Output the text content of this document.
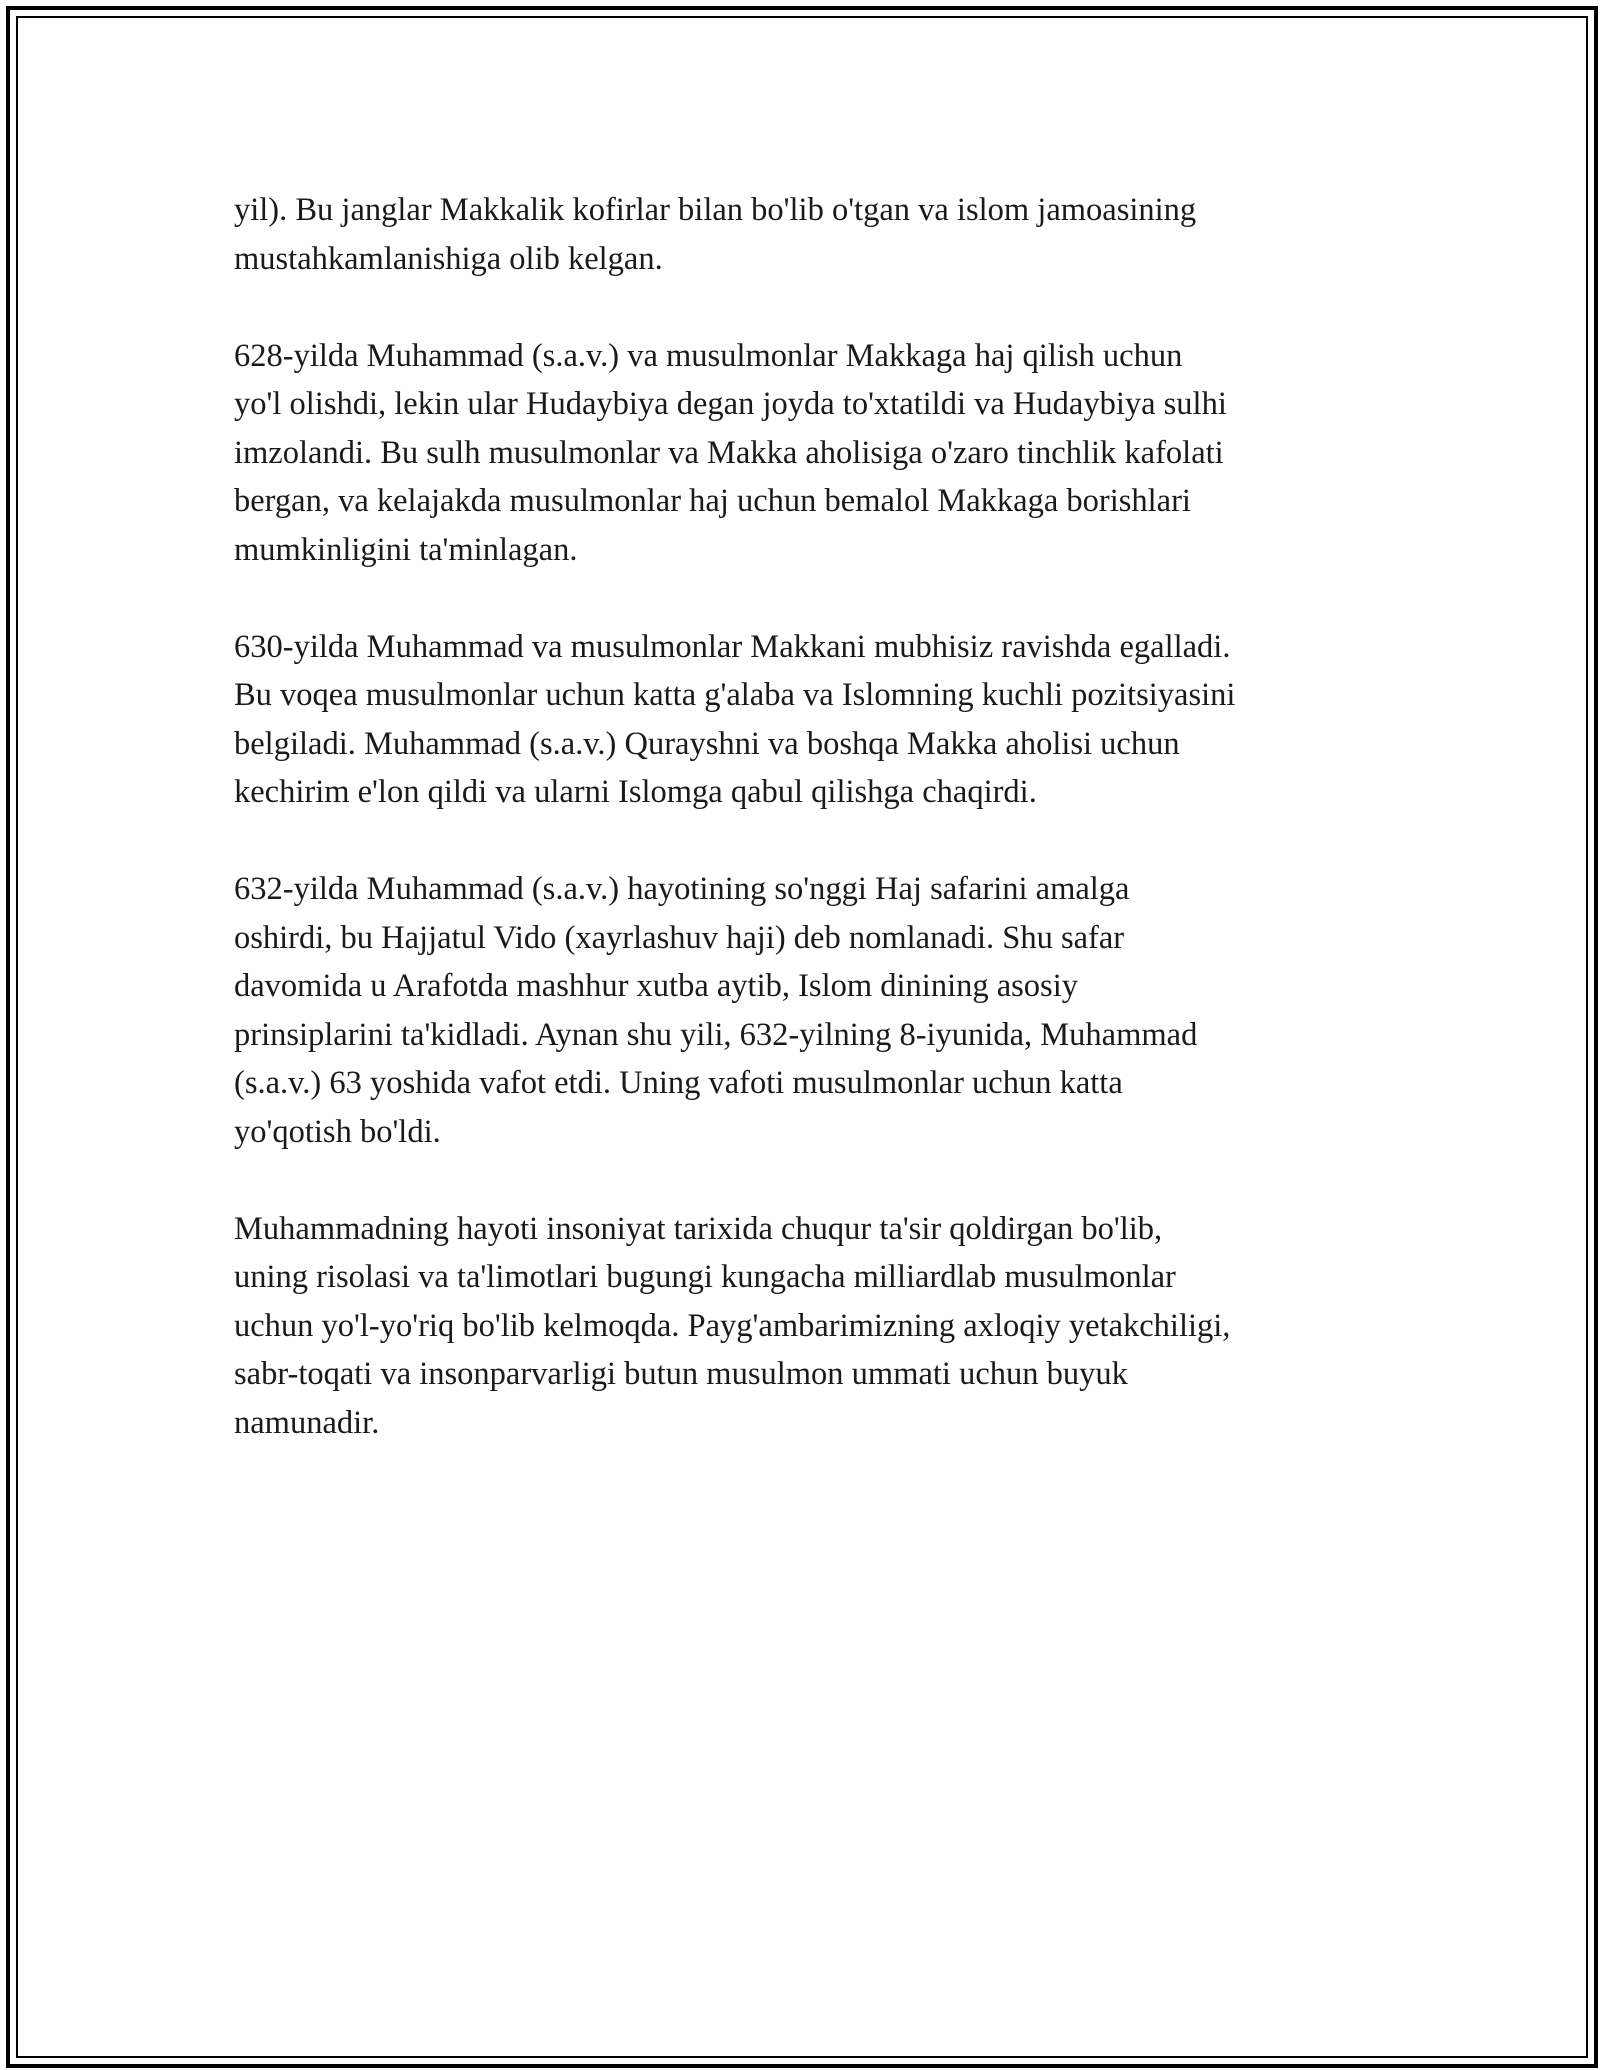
yil). Bu janglar Makkalik kofirlar bilan bo'lib o'tgan va islom jamoasining
mustahkamlanishiga olib kelgan.

628-yilda Muhammad (s.a.v.) va musulmonlar Makkaga haj qilish uchun
yo'l olishdi, lekin ular Hudaybiya degan joyda to'xtatildi va Hudaybiya sulhi
imzolandi. Bu sulh musulmonlar va Makka aholisiga o'zaro tinchlik kafolati
bergan, va kelajakda musulmonlar haj uchun bemalol Makkaga borishlari
mumkinligini ta'minlagan.

630-yilda Muhammad va musulmonlar Makkani mubhisiz ravishda egalladi.
Bu voqea musulmonlar uchun katta g'alaba va Islomning kuchli pozitsiyasini
belgiladi. Muhammad (s.a.v.) Qurayshni va boshqa Makka aholisi uchun
kechirim e'lon qildi va ularni Islomga qabul qilishga chaqirdi.

632-yilda Muhammad (s.a.v.) hayotining so'nggi Haj safarini amalga
oshirdi, bu Hajjatul Vido (xayrlashuv haji) deb nomlanadi. Shu safar
davomida u Arafotda mashhur xutba aytib, Islom dinining asosiy
prinsiplarini ta'kidladi. Aynan shu yili, 632-yilning 8-iyunida, Muhammad
(s.a.v.) 63 yoshida vafot etdi. Uning vafoti musulmonlar uchun katta
yo'qotish bo'ldi.

Muhammadning hayoti insoniyat tarixida chuqur ta'sir qoldirgan bo'lib,
uning risolasi va ta'limotlari bugungi kungacha milliardlab musulmonlar
uchun yo'l-yo'riq bo'lib kelmoqda. Payg'ambarimizning axloqiy yetakchiligi,
sabr-toqati va insonparvarligi butun musulmon ummati uchun buyuk
namunadir.
